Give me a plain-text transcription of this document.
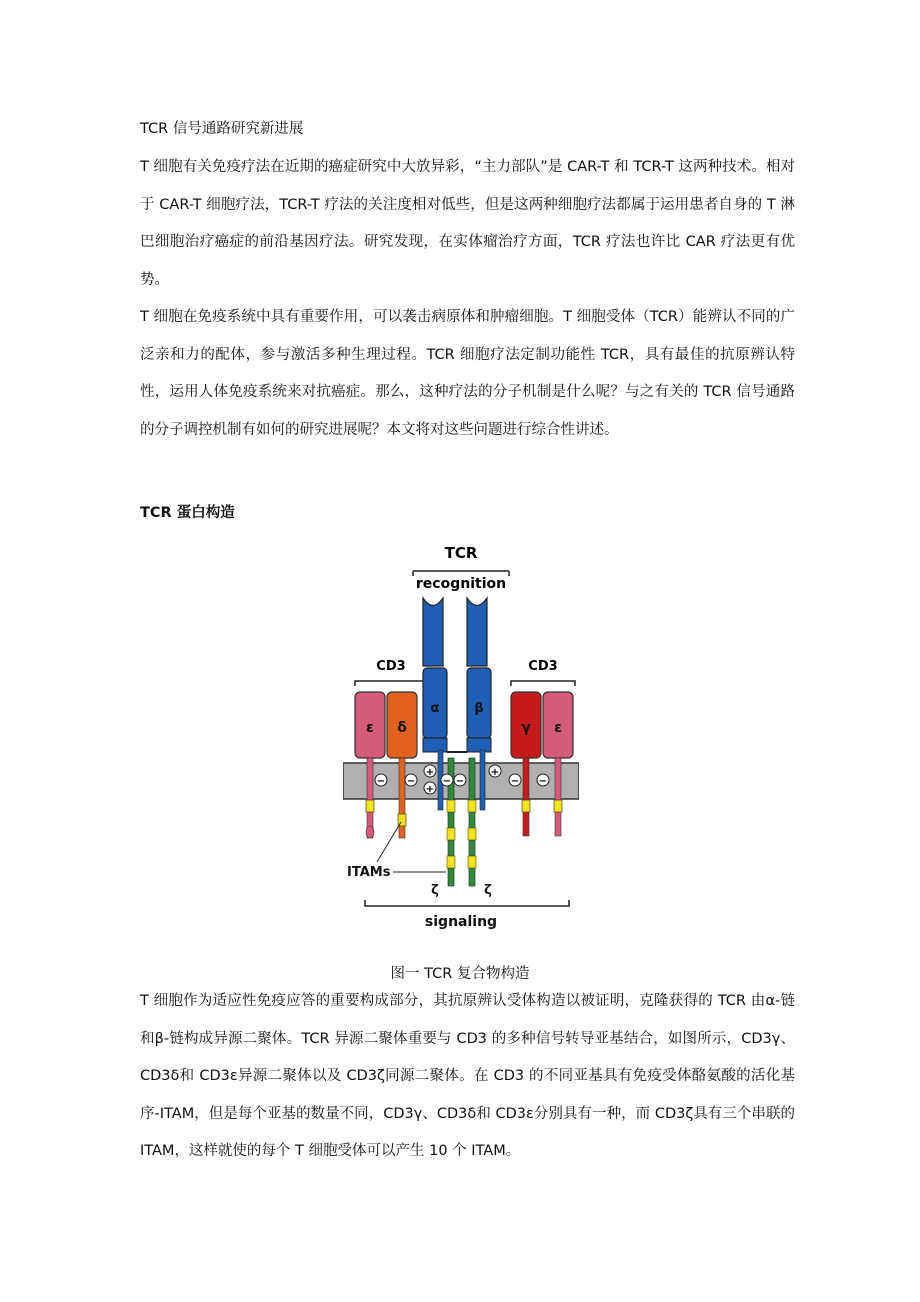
TCR 信号通路研究新进展

T 细胞有关免疫疗法在近期的癌症研究中大放异彩，“主力部队”是 CAR-T 和 TCR-T 这两种技术。相对于 CAR-T 细胞疗法，TCR-T 疗法的关注度相对低些，但是这两种细胞疗法都属于运用患者自身的 T 淋巴细胞治疗癌症的前沿基因疗法。研究发现，在实体瘤治疗方面，TCR 疗法也许比 CAR 疗法更有优势。

T 细胞在免疫系统中具有重要作用，可以袭击病原体和肿瘤细胞。T 细胞受体（TCR）能辨认不同的广泛亲和力的配体，参与激活多种生理过程。TCR 细胞疗法定制功能性 TCR，具有最佳的抗原辨认特性，运用人体免疫系统来对抗癌症。那么，这种疗法的分子机制是什么呢？与之有关的 TCR 信号通路的分子调控机制有如何的研究进展呢？本文将对这些问题进行综合性讲述。

TCR 蛋白构造

TCR
recognition
CD3	CD3
ε δ
α	β
ζ	ζ
γ ε
− −
+
+
− −
+
− −
ITAMs
signaling

图一 TCR 复合物构造

T 细胞作为适应性免疫应答的重要构成部分，其抗原辨认受体构造以被证明，克隆获得的 TCR 由α-链和β-链构成异源二聚体。TCR 异源二聚体重要与 CD3 的多种信号转导亚基结合，如图所示，CD3γ、CD3δ和 CD3ε异源二聚体以及 CD3ζ同源二聚体。在 CD3 的不同亚基具有免疫受体酪氨酸的活化基序-ITAM，但是每个亚基的数量不同，CD3γ、CD3δ和 CD3ε分别具有一种，而 CD3ζ具有三个串联的 ITAM，这样就使的每个 T 细胞受体可以产生 10 个 ITAM。
